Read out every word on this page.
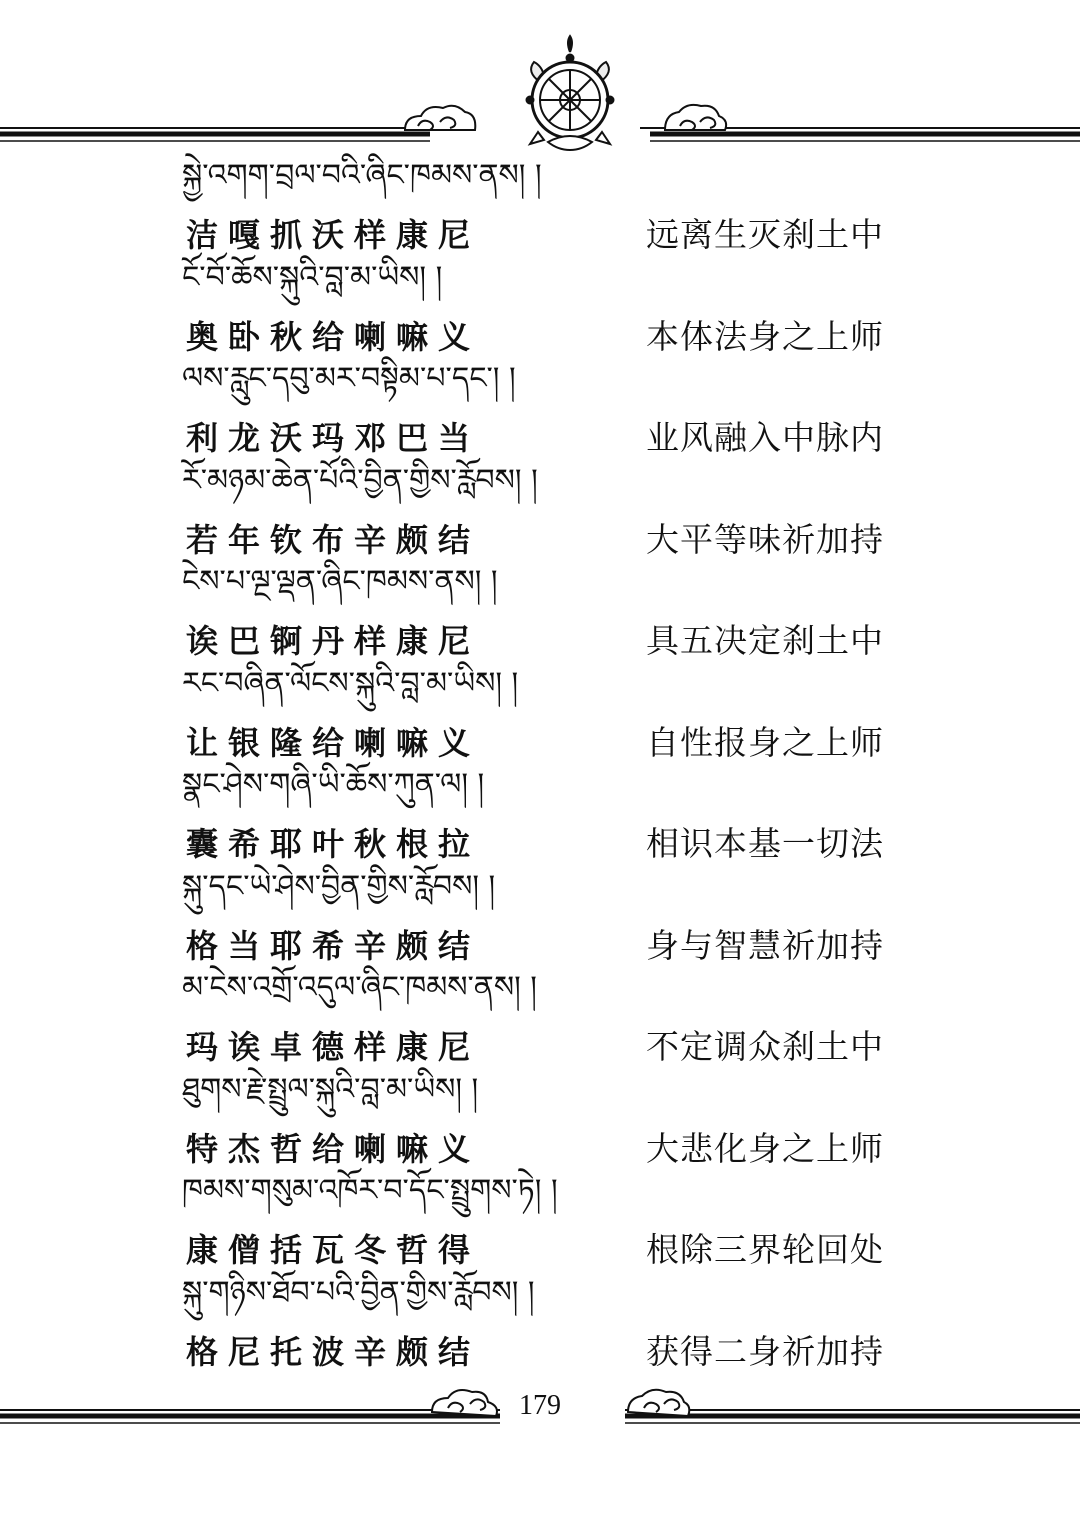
སྐྱེ་འགག་བྲལ་བའི་ཞིང་ཁམས་ནས། །
洁嘎抓沃样康尼	远离生灭刹土中
ངོ་བོ་ཆོས་སྐུའི་བླ་མ་ཡིས། །
奥卧秋给喇嘛义	本体法身之上师
ལས་རླུང་དབུ་མར་བསྟིམ་པ་དང་། །
利龙沃玛邓巴当	业风融入中脉内
རོ་མཉམ་ཆེན་པོའི་བྱིན་གྱིས་རློབས། །
若年钦布辛颇结	大平等味祈加持
ངེས་པ་ལྔ་ལྡན་ཞིང་ཁམས་ནས། །
诶巴锕丹样康尼	具五决定刹土中
རང་བཞིན་ལོངས་སྐུའི་བླ་མ་ཡིས། །
让银隆给喇嘛义	自性报身之上师
སྣང་ཤེས་གཞི་ཡི་ཆོས་ཀུན་ལ། །
囊希耶叶秋根拉	相识本基一切法
སྐུ་དང་ཡེ་ཤེས་བྱིན་གྱིས་རློབས། །
格当耶希辛颇结	身与智慧祈加持
མ་ངེས་འགྲོ་འདུལ་ཞིང་ཁམས་ནས། །
玛诶卓德样康尼	不定调众刹土中
ཐུགས་རྗེ་སྤྲུལ་སྐུའི་བླ་མ་ཡིས། །
特杰哲给喇嘛义	大悲化身之上师
ཁམས་གསུམ་འཁོར་བ་དོང་སྤྲུགས་ཏེ། །
康僧括瓦冬哲得	根除三界轮回处
སྐུ་གཉིས་ཐོབ་པའི་བྱིན་གྱིས་རློབས། །
格尼托波辛颇结	获得二身祈加持
179
